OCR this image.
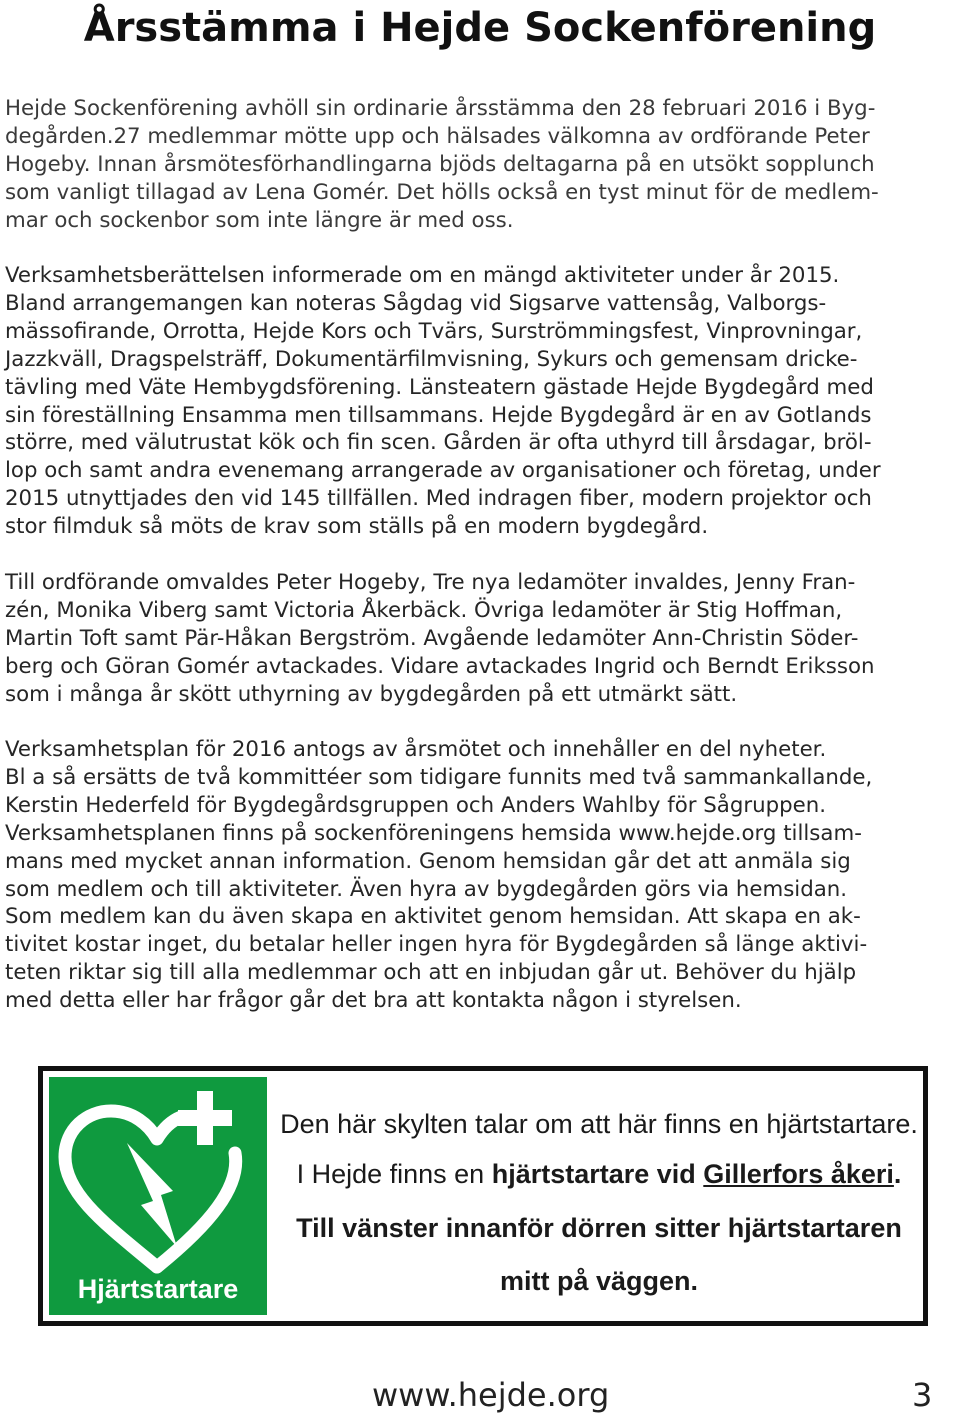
Årsstämma i Hejde Sockenförening
Hejde Sockenförening avhöll sin ordinarie årsstämma den 28 februari 2016 i Byg-
degården.27 medlemmar mötte upp och hälsades välkomna av ordförande Peter
Hogeby. Innan årsmötesförhandlingarna bjöds deltagarna på en utsökt sopplunch
som vanligt tillagad av Lena Gomér. Det hölls också en tyst minut för de medlem-
mar och sockenbor som inte längre är med oss.
Verksamhetsberättelsen informerade om en mängd aktiviteter under år 2015.
Bland arrangemangen kan noteras Sågdag vid Sigsarve vattensåg, Valborgs-
mässofirande, Orrotta, Hejde Kors och Tvärs, Surströmmingsfest, Vinprovningar,
Jazzkväll, Dragspelsträff, Dokumentärfilmvisning, Sykurs och gemensam dricke-
tävling med Väte Hembygdsförening. Länsteatern gästade Hejde Bygdegård med
sin föreställning Ensamma men tillsammans. Hejde Bygdegård är en av Gotlands
större, med välutrustat kök och fin scen. Gården är ofta uthyrd till årsdagar, bröl-
lop och samt andra evenemang arrangerade av organisationer och företag, under
2015 utnyttjades den vid 145 tillfällen. Med indragen fiber, modern projektor och
stor filmduk så möts de krav som ställs på en modern bygdegård.
Till ordförande omvaldes Peter Hogeby, Tre nya ledamöter invaldes, Jenny Fran-
zén, Monika Viberg samt Victoria Åkerbäck. Övriga ledamöter är Stig Hoffman,
Martin Toft samt Pär-Håkan Bergström. Avgående ledamöter Ann-Christin Söder-
berg och Göran Gomér avtackades. Vidare avtackades Ingrid och Berndt Eriksson
som i många år skött uthyrning av bygdegården på ett utmärkt sätt.
Verksamhetsplan för 2016 antogs av årsmötet och innehåller en del nyheter.
Bl a så ersätts de två kommittéer som tidigare funnits med två sammankallande,
Kerstin Hederfeld för Bygdegårdsgruppen och Anders Wahlby för Sågruppen.
Verksamhetsplanen finns på sockenföreningens hemsida www.hejde.org tillsam-
mans med mycket annan information. Genom hemsidan går det att anmäla sig
som medlem och till aktiviteter. Även hyra av bygdegården görs via hemsidan.
Som medlem kan du även skapa en aktivitet genom hemsidan. Att skapa en ak-
tivitet kostar inget, du betalar heller ingen hyra för Bygdegården så länge aktivi-
teten riktar sig till alla medlemmar och att en inbjudan går ut. Behöver du hjälp
med detta eller har frågor går det bra att kontakta någon i styrelsen.
Hjärtstartare
Den här skylten talar om att här finns en hjärtstartare.
I Hejde finns en hjärtstartare vid Gillerfors åkeri.
Till vänster innanför dörren sitter hjärtstartaren
mitt på väggen.
www.hejde.org	3
